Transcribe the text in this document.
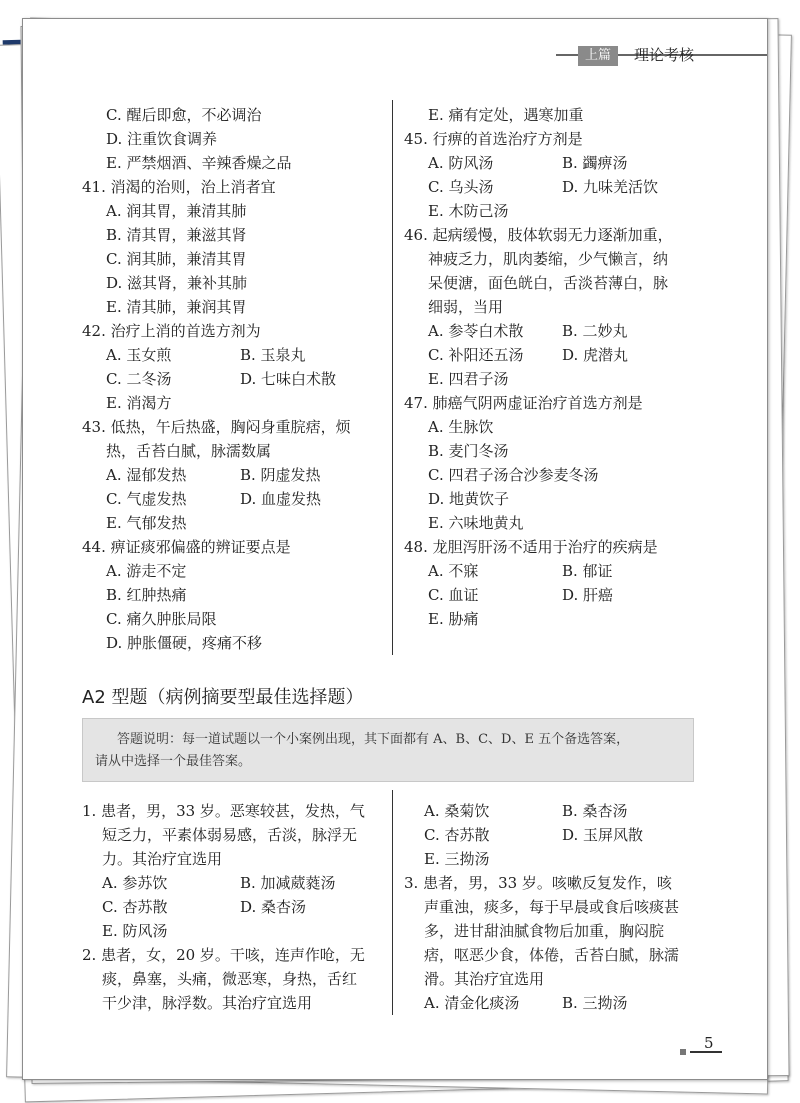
上篇	理论考核
C. 醒后即愈，不必调治
D. 注重饮食调养
E. 严禁烟酒、辛辣香燥之品
41. 消渴的治则，治上消者宜
A. 润其胃，兼清其肺
B. 清其胃，兼滋其肾
C. 润其肺，兼清其胃
D. 滋其肾，兼补其肺
E. 清其肺，兼润其胃
42. 治疗上消的首选方剂为
A. 玉女煎	B. 玉泉丸
C. 二冬汤	D. 七味白术散
E. 消渴方
43. 低热，午后热盛，胸闷身重脘痞，烦
热，舌苔白腻，脉濡数属
A. 湿郁发热	B. 阴虚发热
C. 气虚发热	D. 血虚发热
E. 气郁发热
44. 痹证痰邪偏盛的辨证要点是
A. 游走不定
B. 红肿热痛
C. 痛久肿胀局限
D. 肿胀僵硬，疼痛不移
E. 痛有定处，遇寒加重
45. 行痹的首选治疗方剂是
A. 防风汤	B. 蠲痹汤
C. 乌头汤	D. 九味羌活饮
E. 木防己汤
46. 起病缓慢，肢体软弱无力逐渐加重，
神疲乏力，肌肉萎缩，少气懒言，纳
呆便溏，面色㿠白，舌淡苔薄白，脉
细弱，当用
A. 参苓白术散	B. 二妙丸
C. 补阳还五汤	D. 虎潜丸
E. 四君子汤
47. 肺癌气阴两虚证治疗首选方剂是
A. 生脉饮
B. 麦门冬汤
C. 四君子汤合沙参麦冬汤
D. 地黄饮子
E. 六味地黄丸
48. 龙胆泻肝汤不适用于治疗的疾病是
A. 不寐	B. 郁证
C. 血证	D. 肝癌
E. 胁痛
A2 型题（病例摘要型最佳选择题）
答题说明：每一道试题以一个小案例出现，其下面都有 A、B、C、D、E 五个备选答案，
请从中选择一个最佳答案。
1. 患者，男，33 岁。恶寒较甚，发热，气
短乏力，平素体弱易感，舌淡，脉浮无
力。其治疗宜选用
A. 参苏饮	B. 加减葳蕤汤
C. 杏苏散	D. 桑杏汤
E. 防风汤
2. 患者，女，20 岁。干咳，连声作呛，无
痰，鼻塞，头痛，微恶寒，身热，舌红
干少津，脉浮数。其治疗宜选用
A. 桑菊饮	B. 桑杏汤
C. 杏苏散	D. 玉屏风散
E. 三拗汤
3. 患者，男，33 岁。咳嗽反复发作，咳
声重浊，痰多，每于早晨或食后咳痰甚
多，进甘甜油腻食物后加重，胸闷脘
痞，呕恶少食，体倦，舌苔白腻，脉濡
滑。其治疗宜选用
A. 清金化痰汤	B. 三拗汤
5
